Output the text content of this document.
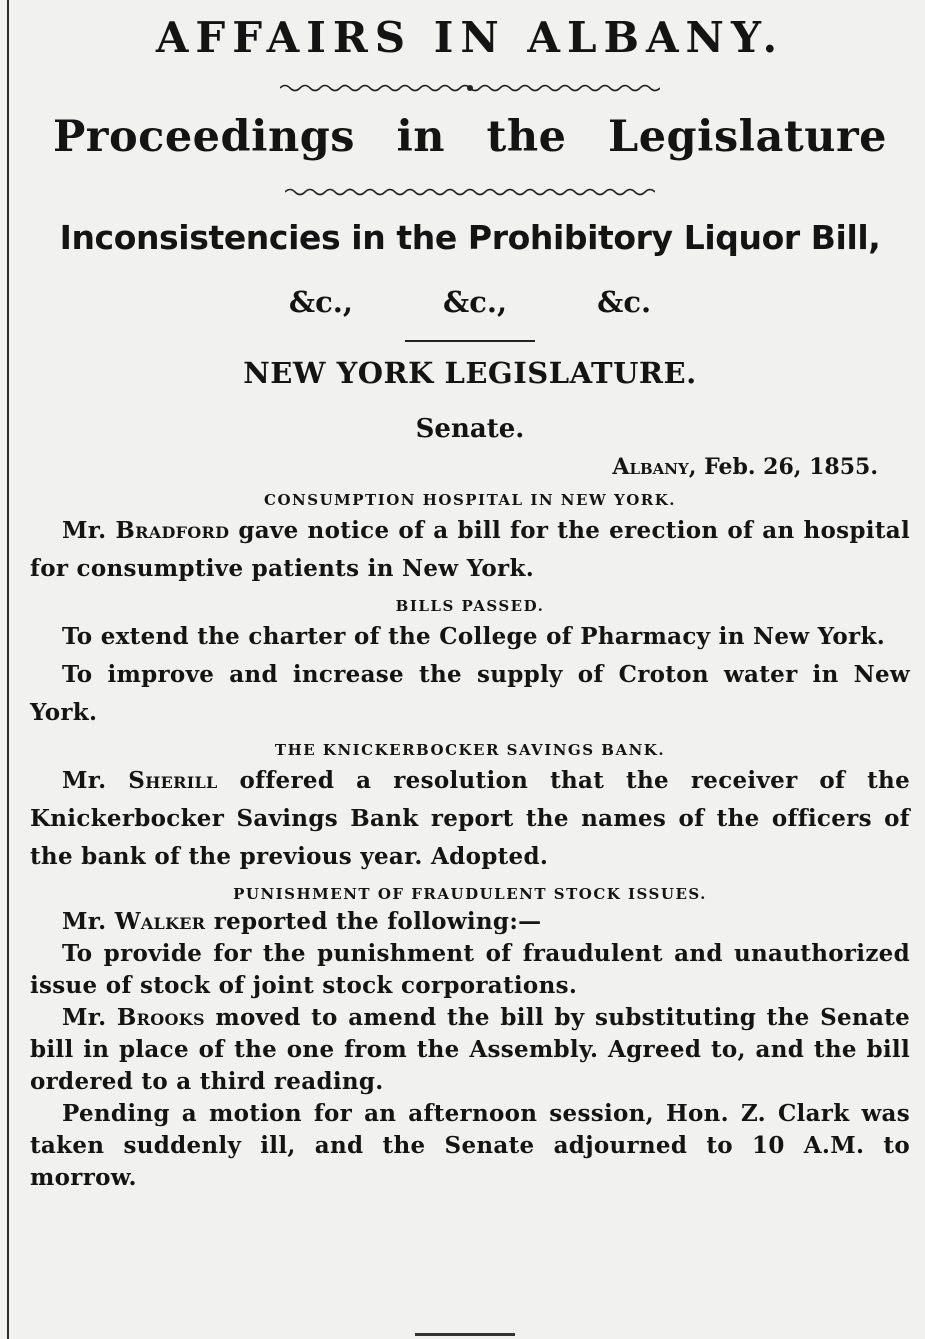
AFFAIRS IN ALBANY.
Proceedings in the Legislature
Inconsistencies in the Prohibitory Liquor Bill,
&c., &c., &c.
NEW YORK LEGISLATURE.
Senate.
Albany, Feb. 26, 1855.
CONSUMPTION HOSPITAL IN NEW YORK.

Mr. Bradford gave notice of a bill for the erection of an hospital for consumptive patients in New York.

BILLS PASSED.

To extend the charter of the College of Pharmacy in New York.

To improve and increase the supply of Croton water in New York.

THE KNICKERBOCKER SAVINGS BANK.

Mr. Sherill offered a resolution that the receiver of the Knickerbocker Savings Bank report the names of the officers of the bank of the previous year. Adopted.

PUNISHMENT OF FRAUDULENT STOCK ISSUES.

Mr. Walker reported the following:—

To provide for the punishment of fraudulent and unauthorized issue of stock of joint stock corporations.

Mr. Brooks moved to amend the bill by substituting the Senate bill in place of the one from the Assembly. Agreed to, and the bill ordered to a third reading.

Pending a motion for an afternoon session, Hon. Z. Clark was taken suddenly ill, and the Senate adjourned to 10 A.M. to morrow.
